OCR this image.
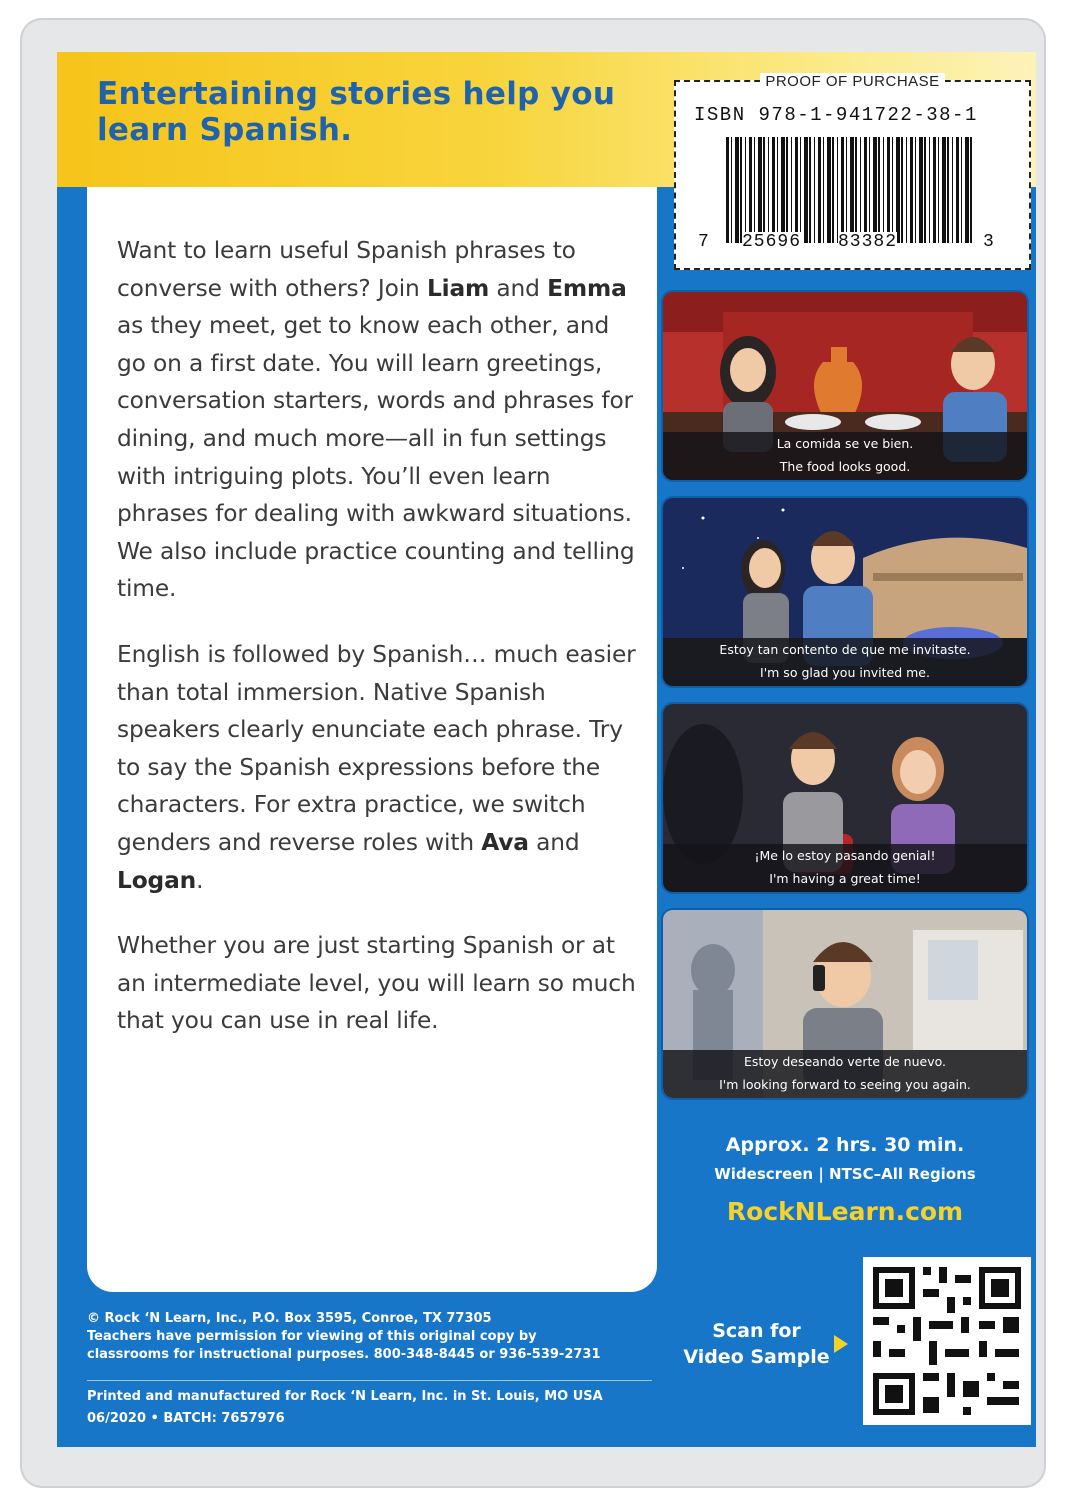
Entertaining stories help you learn Spanish.
PROOF OF PURCHASE
ISBN 978-1-941722-38-1
7 25696 83382	3

Want to learn useful Spanish phrases to converse with others? Join Liam and Emma as they meet, get to know each other, and go on a first date. You will learn greetings, conversation starters, words and phrases for dining, and much more—all in fun settings with intriguing plots. You’ll even learn phrases for dealing with awkward situations. We also include practice counting and telling time.

English is followed by Spanish… much easier than total immersion. Native Spanish speakers clearly enunciate each phrase. Try to say the Spanish expressions before the characters. For extra practice, we switch genders and reverse roles with Ava and Logan.

Whether you are just starting Spanish or at an intermediate level, you will learn so much that you can use in real life.

La comida se ve bien.
The food looks good.
Estoy tan contento de que me invitaste.
I'm so glad you invited me.
¡Me lo estoy pasando genial!
I'm having a great time!
Estoy deseando verte de nuevo.
I'm looking forward to seeing you again.
Approx. 2 hrs. 30 min.
Widescreen | NTSC–All Regions
RockNLearn.com
Scan for
Video Sample

© Rock ‘N Learn, Inc., P.O. Box 3595, Conroe, TX 77305

Teachers have permission for viewing of this original copy by

classrooms for instructional purposes. 800-348-8445 or 936-539-2731

Printed and manufactured for Rock ‘N Learn, Inc. in St. Louis, MO USA
06/2020 • BATCH: 7657976
